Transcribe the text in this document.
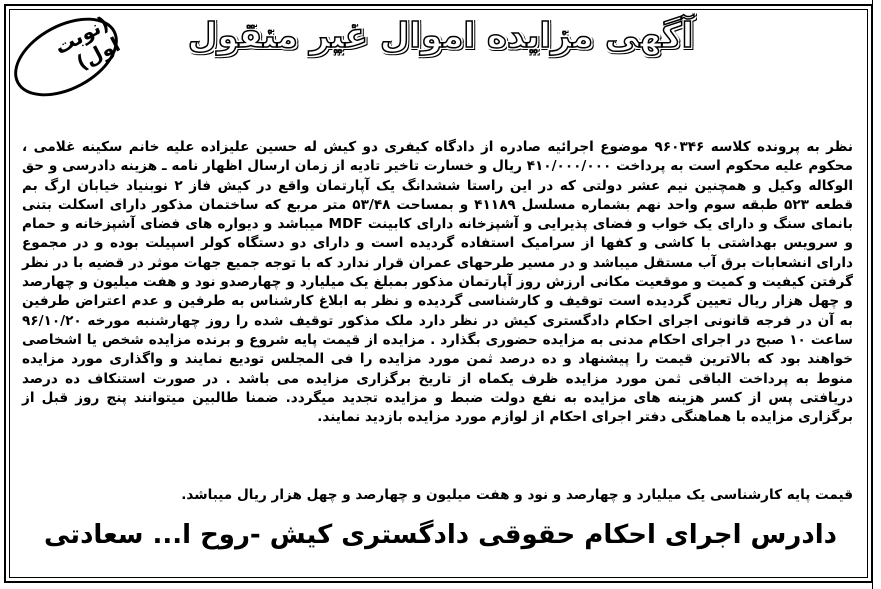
آگهی مزایده اموال غیر منقول
(نوبت اول)
نظر به پرونده کلاسه ۹۶۰۳۴۶ موضوع اجرائیه صادره از دادگاه کیفری دو کیش له حسین علیزاده علیه خانم سکینه غلامی ، محکوم علیه محکوم است به پرداخت ۴۱۰/۰۰۰/۰۰۰ ریال و خسارت تاخیر تادیه از زمان ارسال اظهار نامه ـ هزینه دادرسی و حق الوکاله وکیل و همچنین نیم عشر دولتی که در این راستا ششدانگ یک آپارتمان واقع در کیش فاز ۲ نوبنیاد خیابان ارگ بم قطعه ۵۲۳ طبقه سوم واحد نهم بشماره مسلسل ۴۱۱۸۹ و بمساحت ۵۳/۴۸ متر مربع که ساختمان مذکور دارای اسکلت بتنی بانمای سنگ و دارای یک خواب و فضای پذیرایی و آشپزخانه دارای کابینت MDF میباشد و دیواره های فضای آشپزخانه و حمام و سرویس بهداشتی با کاشی و کفها از سرامیک استفاده گردیده است و دارای دو دستگاه کولر اسپیلت بوده و در مجموع دارای انشعابات برق آب مستقل میباشد و در مسیر طرحهای عمران قرار ندارد که با توجه جمیع جهات موثر در قضیه با در نظر گرفتن کیفیت و کمیت و موقعیت مکانی ارزش روز آپارتمان مذکور بمبلغ یک میلیارد و چهارصدو نود و هفت میلیون و چهارصد و چهل هزار ریال تعیین گردیده است توقیف و کارشناسی گردیده و نظر به ابلاغ کارشناس به طرفین و عدم اعتراض طرفین به آن در فرجه قانونی اجرای احکام دادگستری کیش در نظر دارد ملک مذکور توقیف شده را روز چهارشنبه مورخه ۹۶/۱۰/۲۰ ساعت ۱۰ صبح در اجرای احکام مدنی به مزایده حضوری بگذارد . مزایده از قیمت پایه شروع و برنده مزایده شخص یا اشخاصی خواهند بود که بالاترین قیمت را پیشنهاد و ده درصد ثمن مورد مزایده را فی المجلس تودیع نمایند و واگذاری مورد مزایده منوط به پرداخت الباقی ثمن مورد مزایده ظرف یکماه از تاریخ برگزاری مزایده می باشد . در صورت استنکاف ده درصد دریافتی پس از کسر هزینه های مزایده به نفع دولت ضبط و مزایده تجدید میگردد. ضمنا طالبین میتوانند پنج روز قبل از برگزاری مزایده با هماهنگی دفتر اجرای احکام از لوازم مورد مزایده بازدید نمایند.
قیمت پایه کارشناسی یک میلیارد و چهارصد و نود و هفت میلیون و چهارصد و چهل هزار ریال میباشد.
دادرس اجرای احکام حقوقی دادگستری کیش -روح ا... سعادتی
